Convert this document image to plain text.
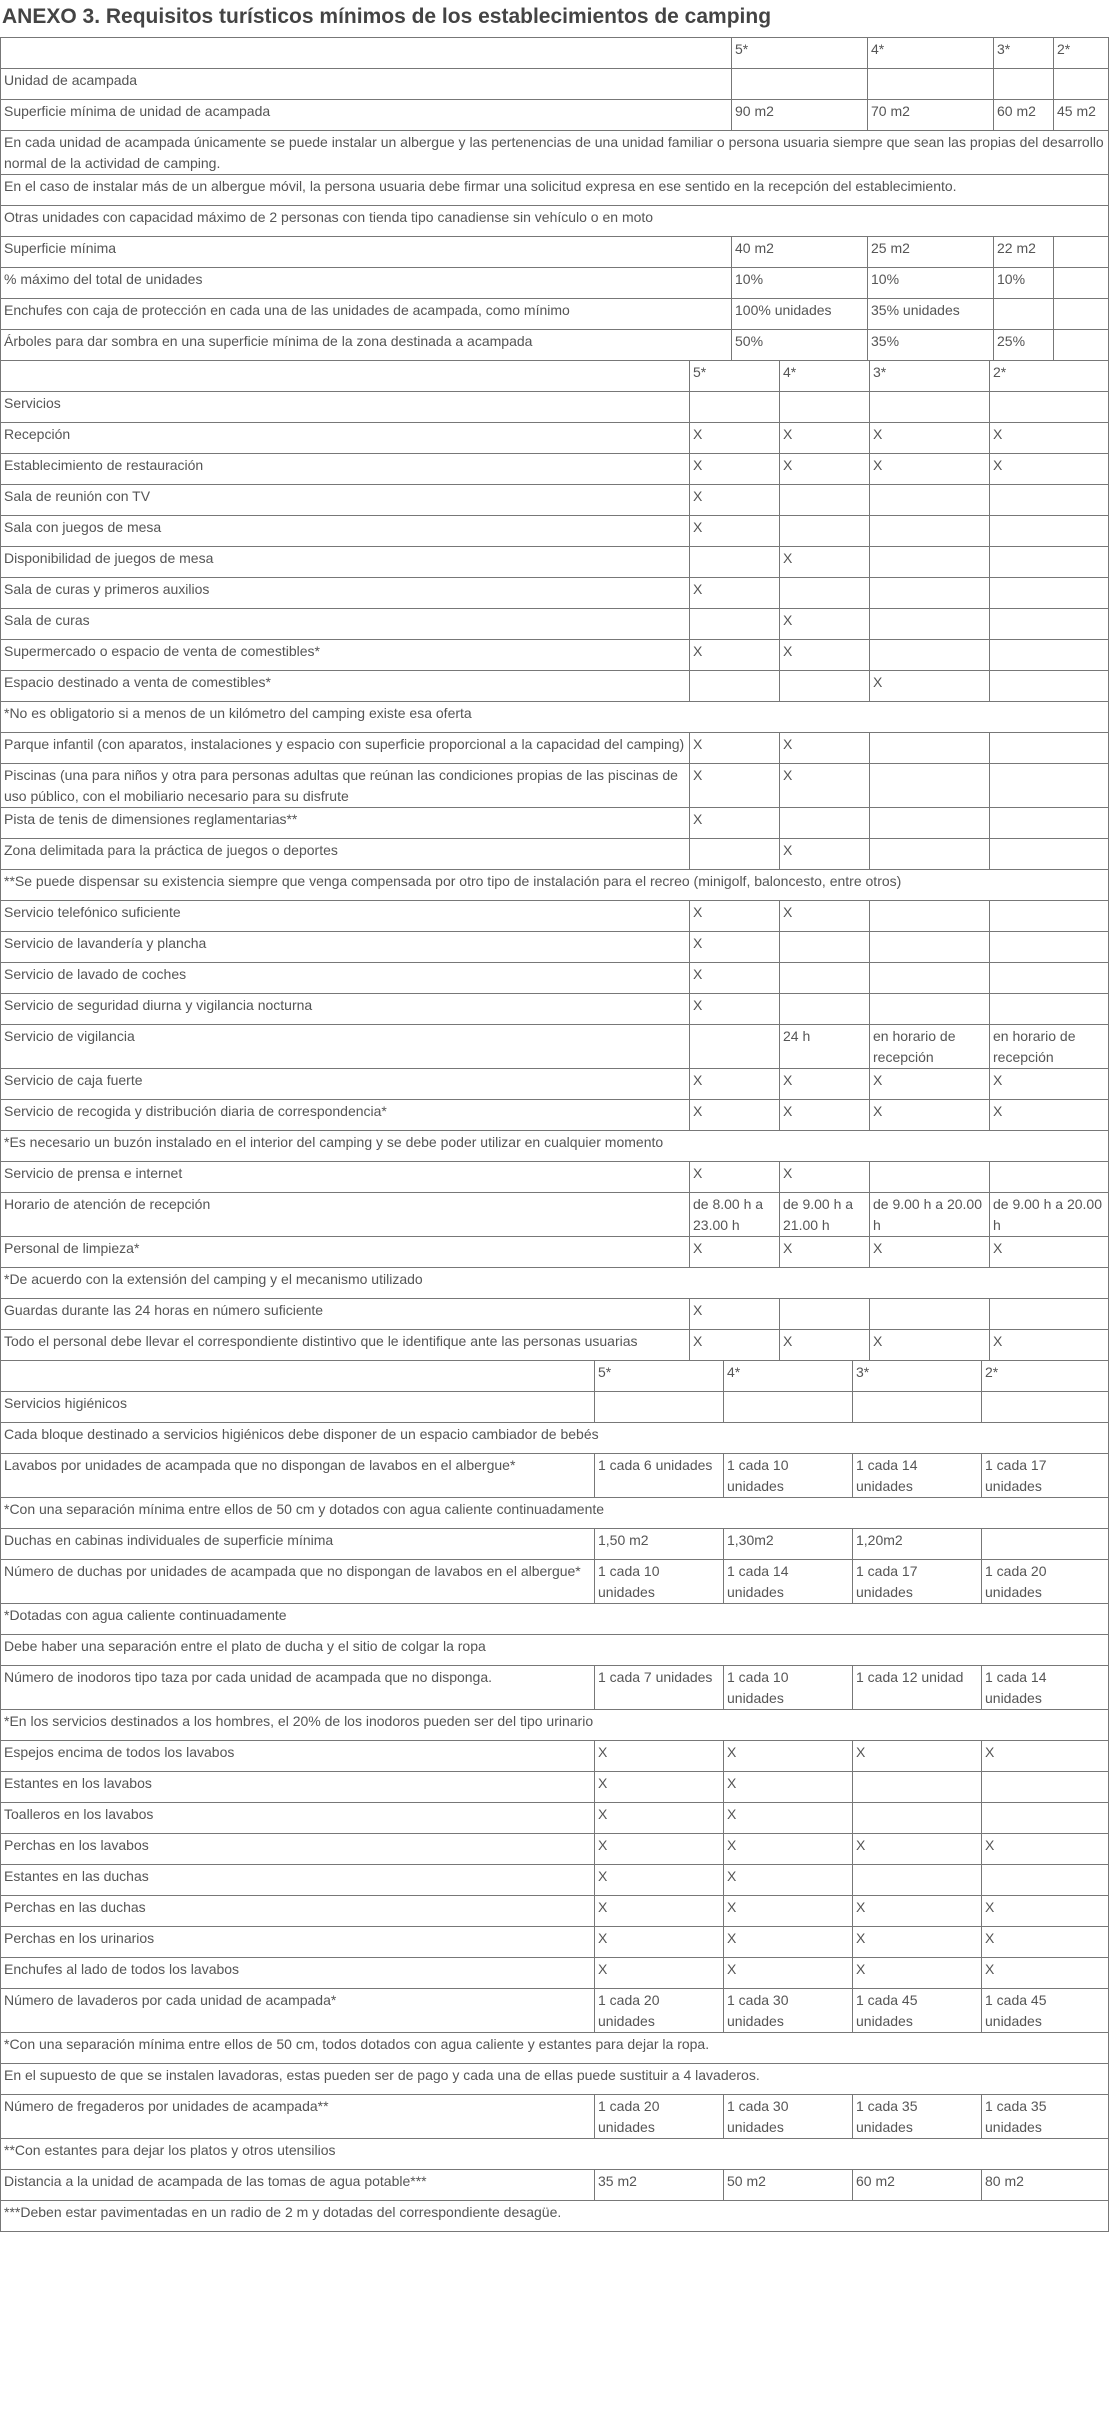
ANEXO 3. Requisitos turísticos mínimos de los establecimientos de camping
	5*	4*	3*	2*
Unidad de acampada				
Superficie mínima de unidad de acampada	90 m2	70 m2	60 m2	45 m2
En cada unidad de acampada únicamente se puede instalar un albergue y las pertenencias de una unidad familiar o persona usuaria siempre que sean las propias del desarrollo normal de la actividad de camping.				
En el caso de instalar más de un albergue móvil, la persona usuaria debe firmar una solicitud expresa en ese sentido en la recepción del establecimiento.				
Otras unidades con capacidad máximo de 2 personas con tienda tipo canadiense sin vehículo o en moto				
Superficie mínima	40 m2	25 m2	22 m2	
% máximo del total de unidades	10%	10%	10%	
Enchufes con caja de protección en cada una de las unidades de acampada, como mínimo	100% unidades	35% unidades		
Árboles para dar sombra en una superficie mínima de la zona destinada a acampada	50%	35%	25%	
	5*	4*	3*	2*
Servicios				
Recepción	X	X	X	X
Establecimiento de restauración	X	X	X	X
Sala de reunión con TV	X			
Sala con juegos de mesa	X			
Disponibilidad de juegos de mesa		X		
Sala de curas y primeros auxilios	X			
Sala de curas		X		
Supermercado o espacio de venta de comestibles*	X	X		
Espacio destinado a venta de comestibles*			X	
*No es obligatorio si a menos de un kilómetro del camping existe esa oferta				
Parque infantil (con aparatos, instalaciones y espacio con superficie proporcional a la capacidad del camping)	X	X		
Piscinas (una para niños y otra para personas adultas que reúnan las condiciones propias de las piscinas de uso público, con el mobiliario necesario para su disfrute	X	X		
Pista de tenis de dimensiones reglamentarias**	X			
Zona delimitada para la práctica de juegos o deportes		X		
**Se puede dispensar su existencia siempre que venga compensada por otro tipo de instalación para el recreo (minigolf, baloncesto, entre otros)				
Servicio telefónico suficiente	X	X		
Servicio de lavandería y plancha	X			
Servicio de lavado de coches	X			
Servicio de seguridad diurna y vigilancia nocturna	X			
Servicio de vigilancia		24 h	en horario de recepción	en horario de recepción
Servicio de caja fuerte	X	X	X	X
Servicio de recogida y distribución diaria de correspondencia*	X	X	X	X
*Es necesario un buzón instalado en el interior del camping y se debe poder utilizar en cualquier momento				
Servicio de prensa e internet	X	X		
Horario de atención de recepción	de 8.00 h a 23.00 h	de 9.00 h a 21.00 h	de 9.00 h a 20.00 h	de 9.00 h a 20.00 h
Personal de limpieza*	X	X	X	X
*De acuerdo con la extensión del camping y el mecanismo utilizado				
Guardas durante las 24 horas en número suficiente	X			
Todo el personal debe llevar el correspondiente distintivo que le identifique ante las personas usuarias	X	X	X	X
	5*	4*	3*	2*
Servicios higiénicos				
Cada bloque destinado a servicios higiénicos debe disponer de un espacio cambiador de bebés				
Lavabos por unidades de acampada que no dispongan de lavabos en el albergue*	1 cada 6 unidades	1 cada 10 unidades	1 cada 14 unidades	1 cada 17 unidades
*Con una separación mínima entre ellos de 50 cm y dotados con agua caliente continuadamente				
Duchas en cabinas individuales de superficie mínima	1,50 m2	1,30m2	1,20m2	
Número de duchas por unidades de acampada que no dispongan de lavabos en el albergue*	1 cada 10 unidades	1 cada 14 unidades	1 cada 17 unidades	1 cada 20 unidades
*Dotadas con agua caliente continuadamente				
Debe haber una separación entre el plato de ducha y el sitio de colgar la ropa				
Número de inodoros tipo taza por cada unidad de acampada que no disponga.	1 cada 7 unidades	1 cada 10 unidades	1 cada 12 unidad	1 cada 14 unidades
*En los servicios destinados a los hombres, el 20% de los inodoros pueden ser del tipo urinario				
Espejos encima de todos los lavabos	X	X	X	X
Estantes en los lavabos	X	X		
Toalleros en los lavabos	X	X		
Perchas en los lavabos	X	X	X	X
Estantes en las duchas	X	X		
Perchas en las duchas	X	X	X	X
Perchas en los urinarios	X	X	X	X
Enchufes al lado de todos los lavabos	X	X	X	X
Número de lavaderos por cada unidad de acampada*	1 cada 20 unidades	1 cada 30 unidades	1 cada 45 unidades	1 cada 45 unidades
*Con una separación mínima entre ellos de 50 cm, todos dotados con agua caliente y estantes para dejar la ropa.				
En el supuesto de que se instalen lavadoras, estas pueden ser de pago y cada una de ellas puede sustituir a 4 lavaderos.				
Número de fregaderos por unidades de acampada**	1 cada 20 unidades	1 cada 30 unidades	1 cada 35 unidades	1 cada 35 unidades
**Con estantes para dejar los platos y otros utensilios				
Distancia a la unidad de acampada de las tomas de agua potable***	35 m2	50 m2	60 m2	80 m2
***Deben estar pavimentadas en un radio de 2 m y dotadas del correspondiente desagüe.				
